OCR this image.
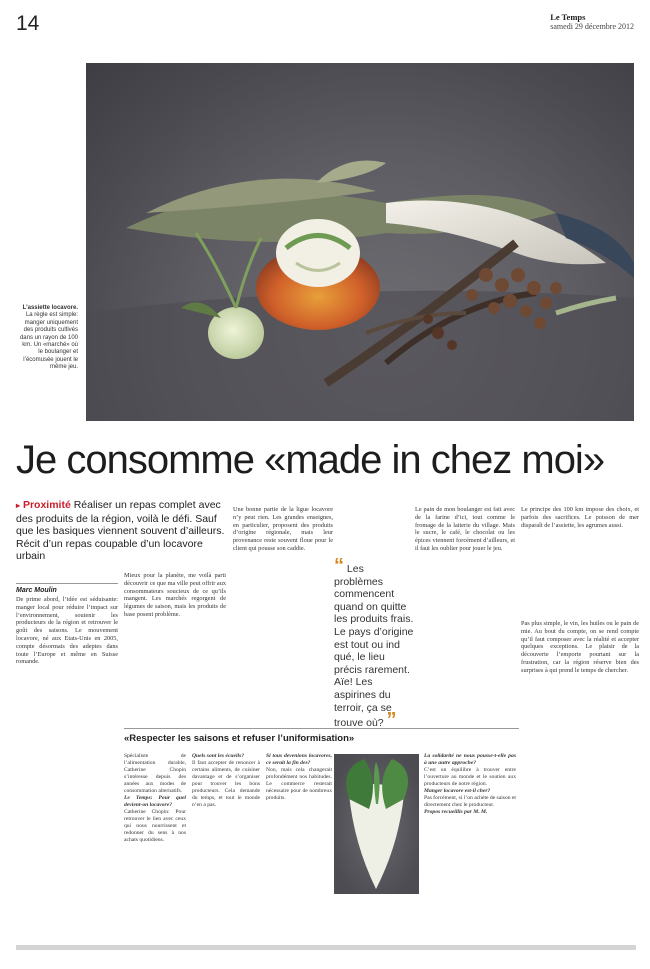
14	Le Temps
samedi 29 décembre 2012
L’assiette locavore. La règle est simple: manger uniquement des produits cultivés dans un rayon de 100 km. Un «marché» où le boulanger et l’écomusée jouent le même jeu.
Je consomme «made in chez moi»
▸ Proximité Réaliser un repas complet avec des produits de la région, voilà le défi. Sauf que les basiques viennent souvent d’ailleurs. Récit d’un repas coupable d’un locavore urbain
Marc Moulin
De prime abord, l’idée est séduisante: manger local pour réduire l’impact sur l’environnement, soutenir les producteurs de la région et retrouver le goût des saisons. Le mouvement locavore, né aux Etats-Unis en 2005, compte désormais des adeptes dans toute l’Europe et même en Suisse romande.
Mieux pour la planète, me voilà parti découvrir ce que ma ville peut offrir aux consommateurs soucieux de ce qu’ils mangent. Les marchés regorgent de légumes de saison, mais les produits de base posent problème.
Une bonne partie de la ligue locavore n’y peut rien. Les grandes enseignes, en particulier, proposent des produits d’origine régionale, mais leur provenance reste souvent floue pour le client qui pousse son caddie.
“ Les problèmes commencent quand on quitte les produits frais. Le pays d’origine est tout ou ind qué, le lieu précis rarement. Aïe! Les aspirines du terroir, ça se trouve où? ”
Le pain de mon boulanger est fait avec de la farine d’ici, tout comme le fromage de la laiterie du village. Mais le sucre, le café, le chocolat ou les épices viennent forcément d’ailleurs, et il faut les oublier pour jouer le jeu.
Le principe des 100 km impose des choix, et parfois des sacrifices. Le poisson de mer disparaît de l’assiette, les agrumes aussi.
Pas plus simple, le vin, les huiles ou le pain de mie. Au bout du compte, on se rend compte qu’il faut composer avec la réalité et accepter quelques exceptions. Le plaisir de la découverte l’emporte pourtant sur la frustration, car la région réserve bien des surprises à qui prend le temps de chercher.
«Respecter les saisons et refuser l’uniformisation»
Spécialiste de l’alimentation durable, Catherine Chopin s’intéresse depuis des années aux modes de consommation alternatifs.
Le Temps: Pour quel devient-on locavore?
Catherine Chopin: Pour retrouver le lien avec ceux qui nous nourrissent et redonner du sens à nos achats quotidiens.
Quels sont les écueils?
Il faut accepter de renoncer à certains aliments, de cuisiner davantage et de s’organiser pour trouver les bons producteurs. Cela demande du temps, et tout le monde n’en a pas.
Si tous devenions locavores, ce serait la fin des?
Non, mais cela changerait profondément nos habitudes. Le commerce resterait nécessaire pour de nombreux produits.
La solidarité ne nous pousse-t-elle pas à une autre approche?
C’est un équilibre à trouver entre l’ouverture au monde et le soutien aux producteurs de notre région.
Manger locavore est-il cher?
Pas forcément, si l’on achète de saison et directement chez le producteur.
Propos recueillis par M. M.
